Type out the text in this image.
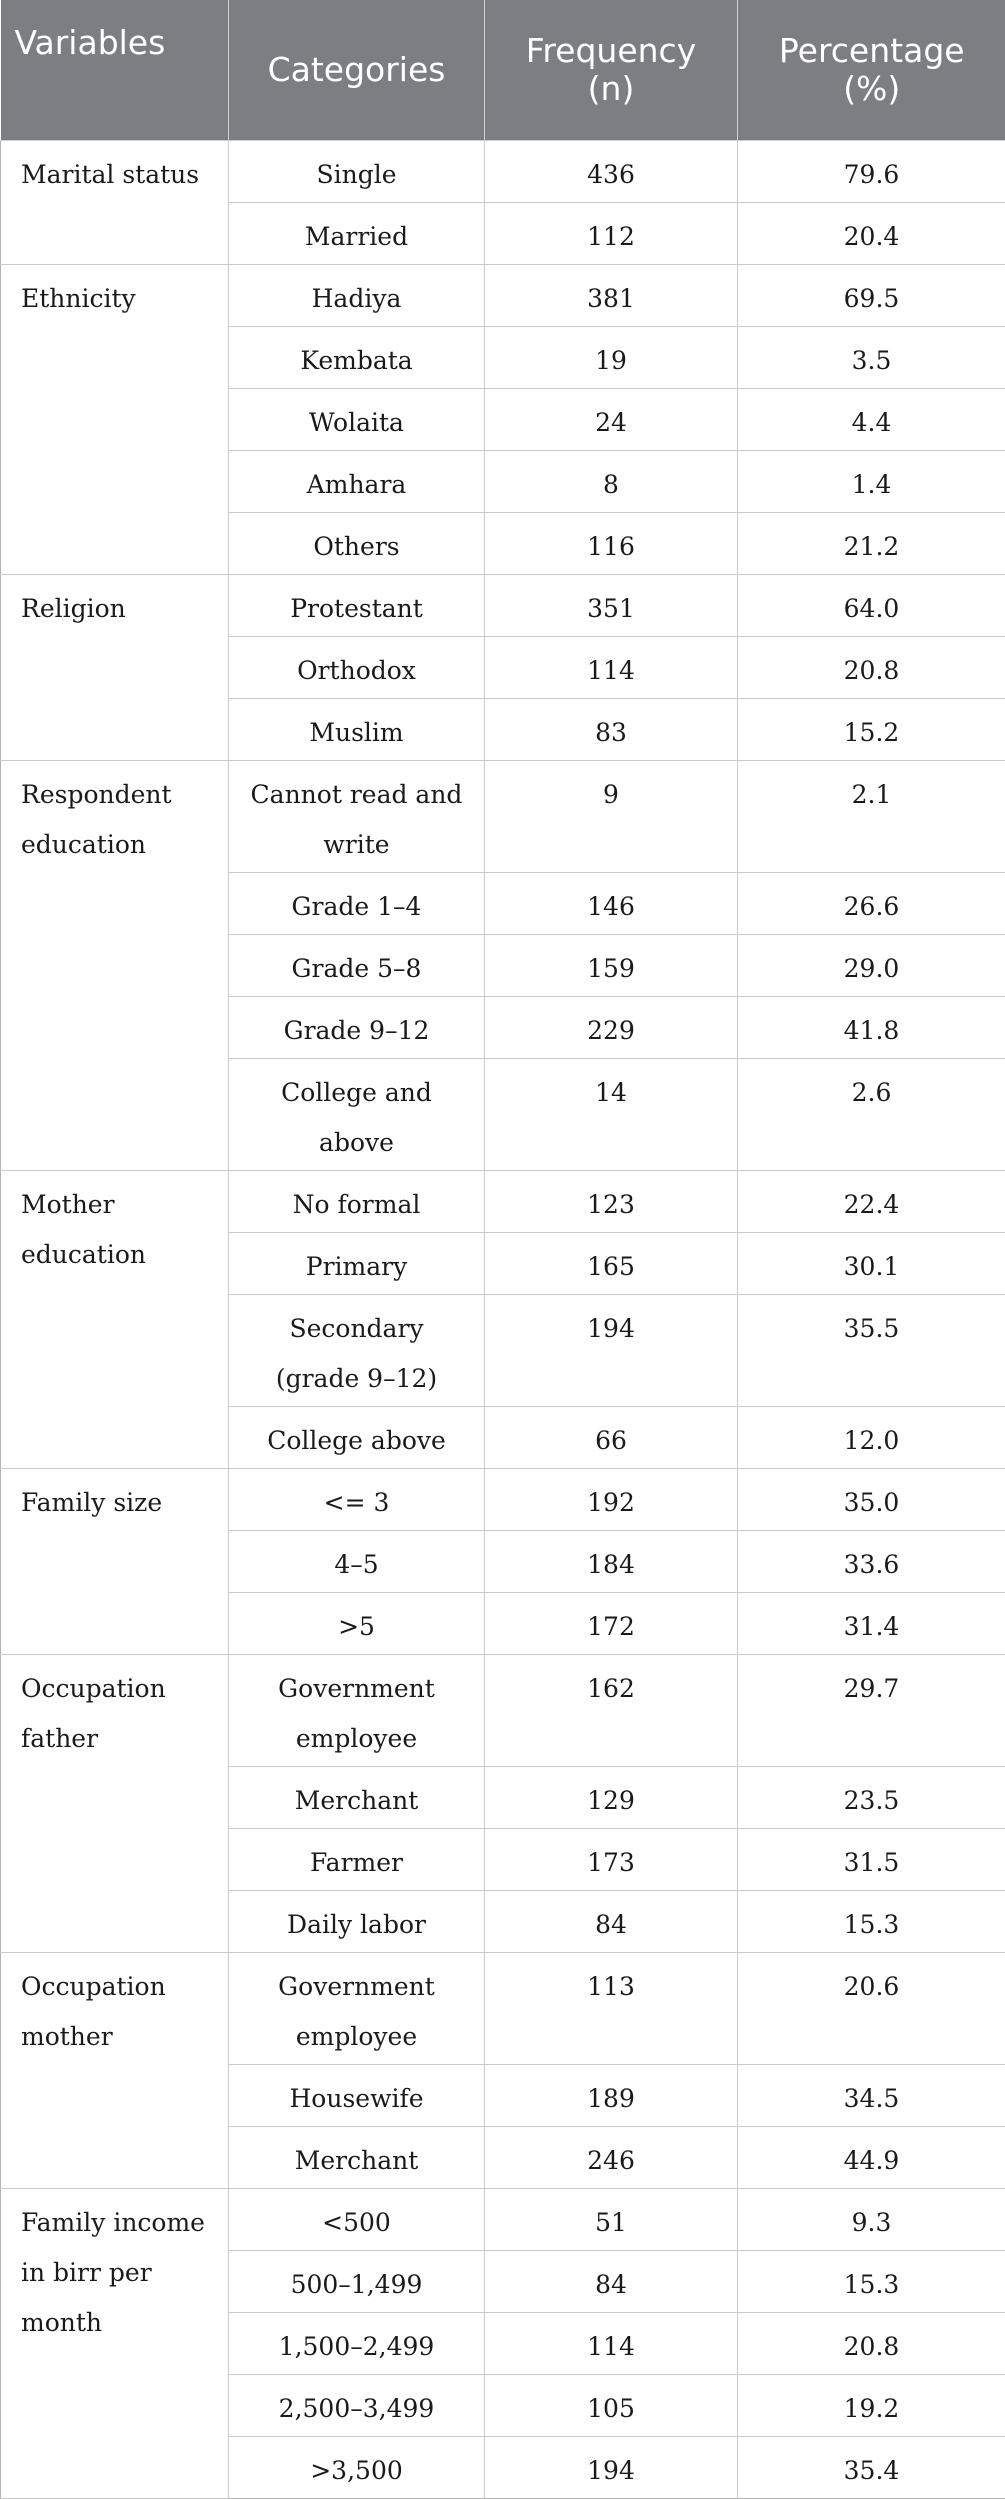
Variables	Categories	Frequency (n)	Percentage (%)
Marital status	Single	436	79.6
	Married	112	20.4
Ethnicity	Hadiya	381	69.5
	Kembata	19	3.5
	Wolaita	24	4.4
	Amhara	8	1.4
	Others	116	21.2
Religion	Protestant	351	64.0
	Orthodox	114	20.8
	Muslim	83	15.2
Respondent education	Cannot read and write	9	2.1
	Grade 1–4	146	26.6
	Grade 5–8	159	29.0
	Grade 9–12	229	41.8
	College and above	14	2.6
Mother education	No formal	123	22.4
	Primary	165	30.1
	Secondary (grade 9–12)	194	35.5
	College above	66	12.0
Family size	<= 3	192	35.0
	4–5	184	33.6
	>5	172	31.4
Occupation father	Government employee	162	29.7
	Merchant	129	23.5
	Farmer	173	31.5
	Daily labor	84	15.3
Occupation mother	Government employee	113	20.6
	Housewife	189	34.5
	Merchant	246	44.9
Family income in birr per month	<500	51	9.3
	500–1,499	84	15.3
	1,500–2,499	114	20.8
	2,500–3,499	105	19.2
	>3,500	194	35.4
